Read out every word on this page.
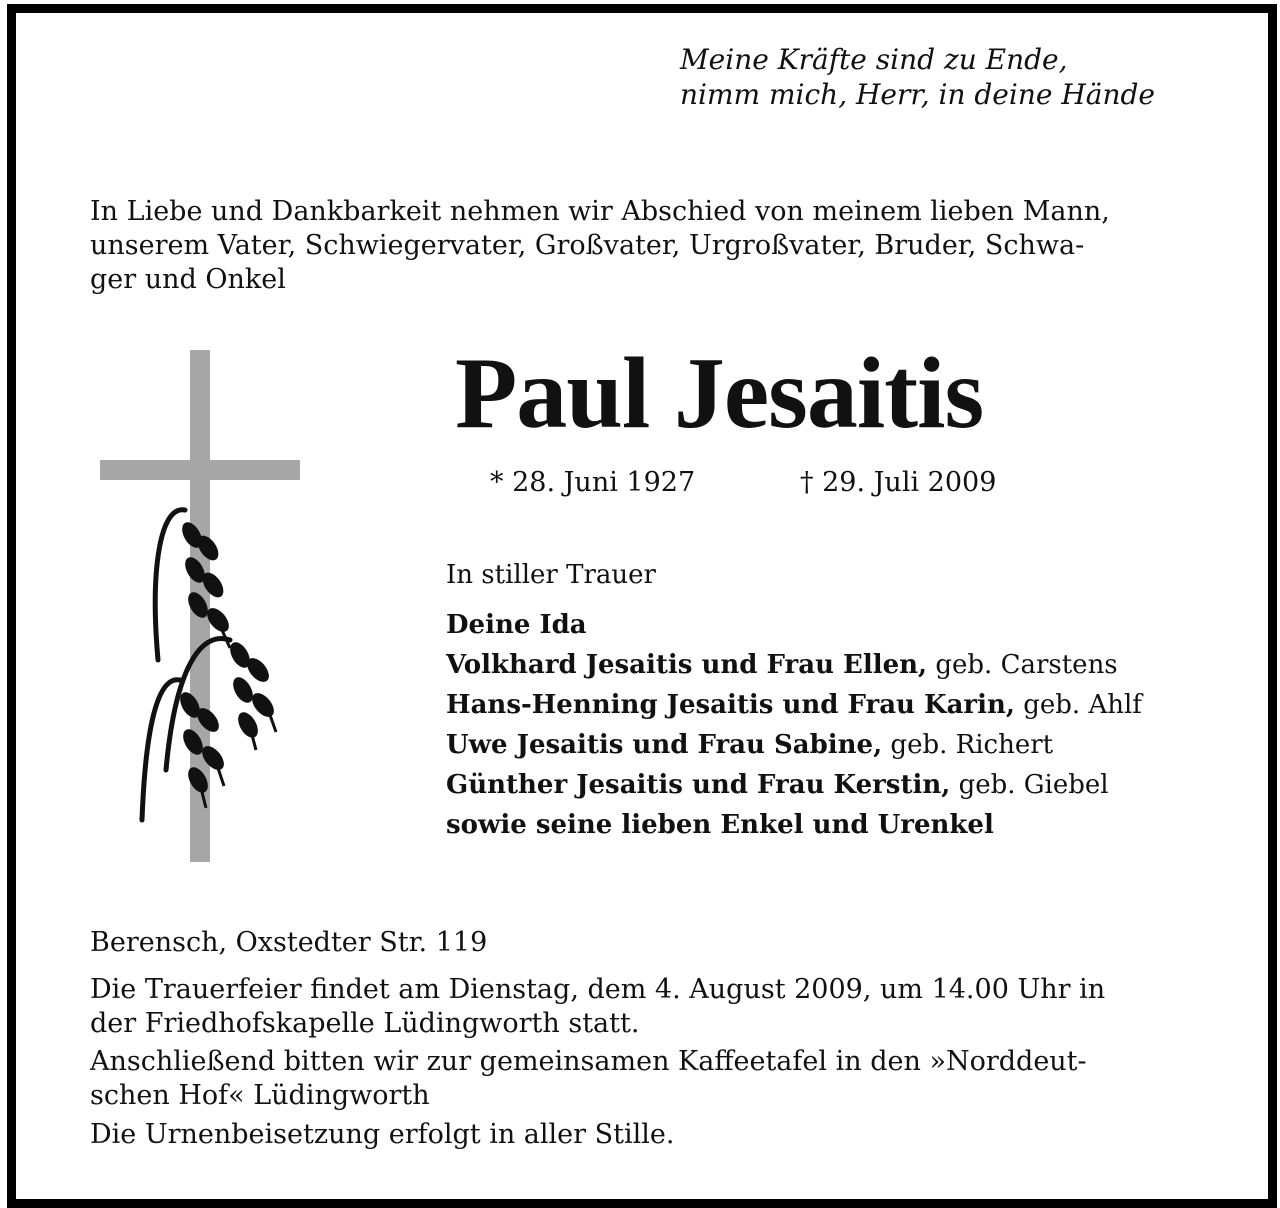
Meine Kräfte sind zu Ende,
nimm mich, Herr, in deine Hände
In Liebe und Dankbarkeit nehmen wir Abschied von meinem lieben Mann,
unserem Vater, Schwiegervater, Großvater, Urgroßvater, Bruder, Schwa-
ger und Onkel
Paul Jesaitis
* 28. Juni 1927	† 29. Juli 2009
In stiller Trauer
Deine Ida
Volkhard Jesaitis und Frau Ellen, geb. Carstens
Hans-Henning Jesaitis und Frau Karin, geb. Ahlf
Uwe Jesaitis und Frau Sabine, geb. Richert
Günther Jesaitis und Frau Kerstin, geb. Giebel
sowie seine lieben Enkel und Urenkel
Berensch, Oxstedter Str. 119
Die Trauerfeier findet am Dienstag, dem 4. August 2009, um 14.00 Uhr in
der Friedhofskapelle Lüdingworth statt.
Anschließend bitten wir zur gemeinsamen Kaffeetafel in den »Norddeut-
schen Hof« Lüdingworth
Die Urnenbeisetzung erfolgt in aller Stille.
